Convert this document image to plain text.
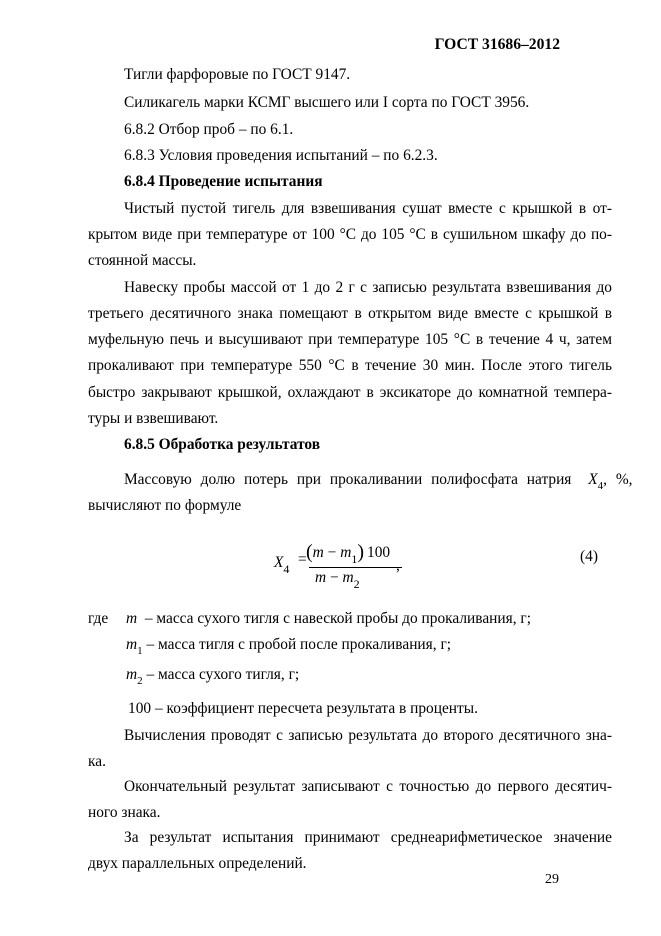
ГОСТ 31686–2012
Тигли фарфоровые по ГОСТ 9147.
Силикагель марки КСМГ высшего или I сорта по ГОСТ 3956.
6.8.2 Отбор проб – по 6.1.
6.8.3 Условия проведения испытаний – по 6.2.3.
6.8.4 Проведение испытания
Чистый пустой тигель для взвешивания сушат вместе с крышкой в от-
крытом виде при температуре от 100 °С до 105 °С в сушильном шкафу до по-
стоянной массы.
Навеску пробы массой от 1 до 2 г с записью результата взвешивания до
третьего десятичного знака помещают в открытом виде вместе с крышкой в
муфельную печь и высушивают при температуре 105 °С в течение 4 ч, затем
прокаливают при температуре 550 °С в течение 30 мин. После этого тигель
быстро закрывают крышкой, охлаждают в эксикаторе до комнатной темпера-
туры и взвешивают.
6.8.5 Обработка результатов
Массовую долю потерь при прокаливании полифосфата натрия $X_4$, %,
вычисляют по формуле
$X_4$
= $(m - m_1)$ 100
$m - m_2$
,
(4)
где m – масса сухого тигля с навеской пробы до прокаливания, г;
$m_1$ – масса тигля с пробой после прокаливания, г;
$m_2$ – масса сухого тигля, г;
100 – коэффициент пересчета результата в проценты.
Вычисления проводят с записью результата до второго десятичного зна-
ка.
Окончательный результат записывают с точностью до первого десятич-
ного знака.
За результат испытания принимают среднеарифметическое значение
двух параллельных определений.
29
